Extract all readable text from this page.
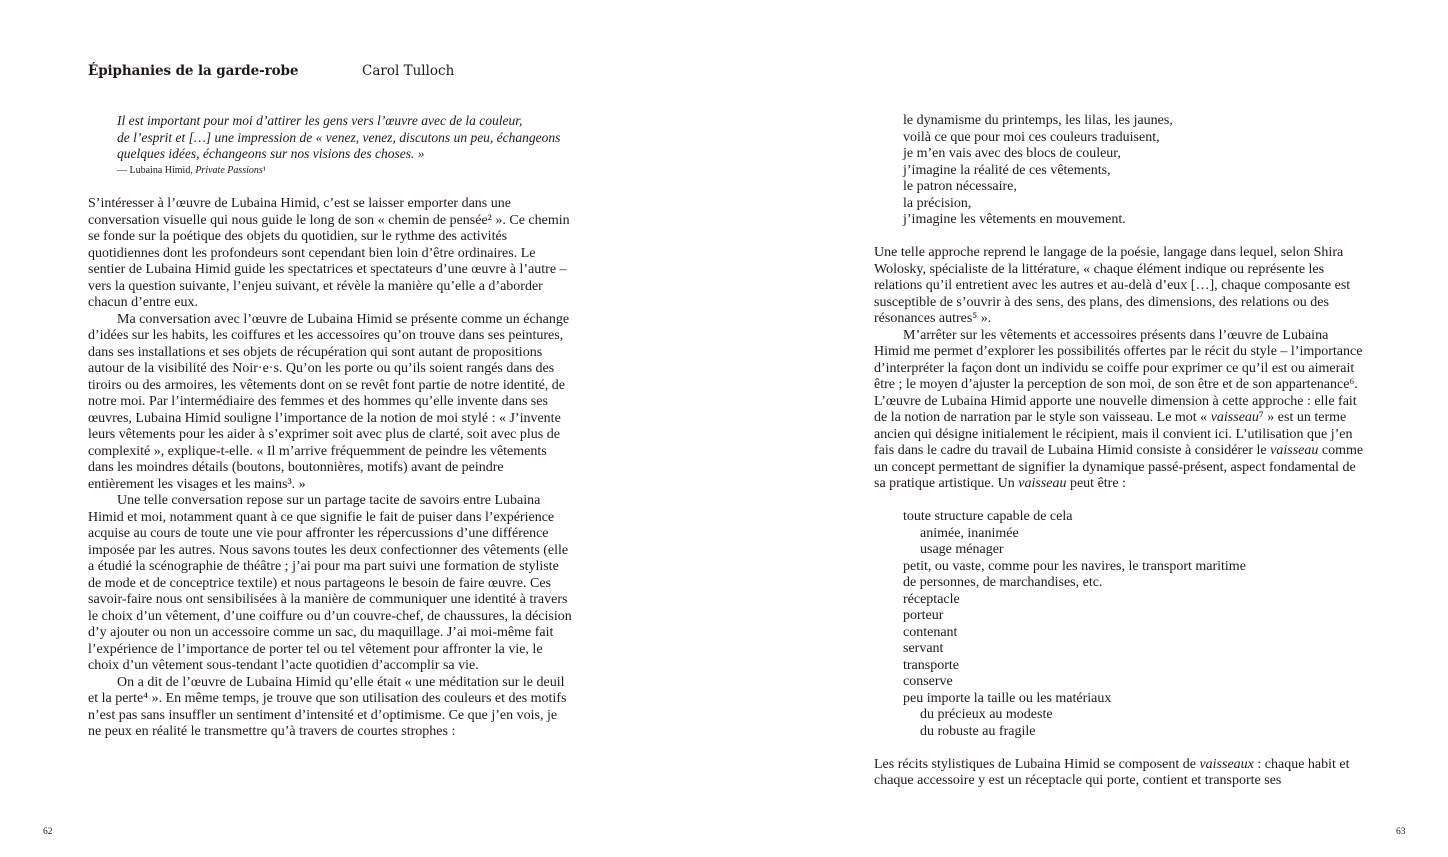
Épiphanies de la garde-robe	Carol Tulloch

Il est important pour moi d’attirer les gens vers l’œuvre avec de la couleur,

de l’esprit et […] une impression de « venez, venez, discutons un peu, échangeons

quelques idées, échangeons sur nos visions des choses. »

— Lubaina Himid, Private Passions¹

S’intéresser à l’œuvre de Lubaina Himid, c’est se laisser emporter dans une conversation visuelle qui nous guide le long de son « chemin de pensée² ». Ce chemin se fonde sur la poétique des objets du quotidien, sur le rythme des activités quotidiennes dont les profondeurs sont cependant bien loin d’être ordinaires. Le sentier de Lubaina Himid guide les spectatrices et spectateurs d’une œuvre à l’autre – vers la question suivante, l’enjeu suivant, et révèle la manière qu’elle a d’aborder chacun d’entre eux.

Ma conversation avec l’œuvre de Lubaina Himid se présente comme un échange d’idées sur les habits, les coiffures et les accessoires qu’on trouve dans ses peintures, dans ses installations et ses objets de récupération qui sont autant de propositions autour de la visibilité des Noir·e·s. Qu’on les porte ou qu’ils soient rangés dans des tiroirs ou des armoires, les vêtements dont on se revêt font partie de notre identité, de notre moi. Par l’intermédiaire des femmes et des hommes qu’elle invente dans ses œuvres, Lubaina Himid souligne l’importance de la notion de moi stylé : « J’invente leurs vêtements pour les aider à s’exprimer soit avec plus de clarté, soit avec plus de complexité », explique-t-elle. « Il m’arrive fréquemment de peindre les vêtements dans les moindres détails (boutons, boutonnières, motifs) avant de peindre entièrement les visages et les mains³. »

Une telle conversation repose sur un partage tacite de savoirs entre Lubaina Himid et moi, notamment quant à ce que signifie le fait de puiser dans l’expérience acquise au cours de toute une vie pour affronter les répercussions d’une différence imposée par les autres. Nous savons toutes les deux confectionner des vêtements (elle a étudié la scénographie de théâtre ; j’ai pour ma part suivi une formation de styliste de mode et de conceptrice textile) et nous partageons le besoin de faire œuvre. Ces savoir-faire nous ont sensibilisées à la manière de communiquer une identité à travers le choix d’un vêtement, d’une coiffure ou d’un couvre-chef, de chaussures, la décision d’y ajouter ou non un accessoire comme un sac, du maquillage. J’ai moi-même fait l’expérience de l’importance de porter tel ou tel vêtement pour affronter la vie, le choix d’un vêtement sous-tendant l’acte quotidien d’accomplir sa vie.

On a dit de l’œuvre de Lubaina Himid qu’elle était « une méditation sur le deuil et la perte⁴ ». En même temps, je trouve que son utilisation des couleurs et des motifs n’est pas sans insuffler un sentiment d’intensité et d’optimisme. Ce que j’en vois, je ne peux en réalité le transmettre qu’à travers de courtes strophes :

le dynamisme du printemps, les lilas, les jaunes,

voilà ce que pour moi ces couleurs traduisent,

je m’en vais avec des blocs de couleur,

j’imagine la réalité de ces vêtements,

le patron nécessaire,

la précision,

j’imagine les vêtements en mouvement.

Une telle approche reprend le langage de la poésie, langage dans lequel, selon Shira Wolosky, spécialiste de la littérature, « chaque élément indique ou représente les relations qu’il entretient avec les autres et au-delà d’eux […], chaque composante est susceptible de s’ouvrir à des sens, des plans, des dimensions, des relations ou des résonances autres⁵ ».

M’arrêter sur les vêtements et accessoires présents dans l’œuvre de Lubaina Himid me permet d’explorer les possibilités offertes par le récit du style – l’importance d’interpréter la façon dont un individu se coiffe pour exprimer ce qu’il est ou aimerait être ; le moyen d’ajuster la perception de son moi, de son être et de son appartenance⁶. L’œuvre de Lubaina Himid apporte une nouvelle dimension à cette approche : elle fait de la notion de narration par le style son vaisseau. Le mot « vaisseau⁷ » est un terme ancien qui désigne initialement le récipient, mais il convient ici. L’utilisation que j’en fais dans le cadre du travail de Lubaina Himid consiste à considérer le vaisseau comme un concept permettant de signifier la dynamique passé-présent, aspect fondamental de sa pratique artistique. Un vaisseau peut être :

toute structure capable de cela

animée, inanimée

usage ménager

petit, ou vaste, comme pour les navires, le transport maritime

de personnes, de marchandises, etc.

réceptacle

porteur

contenant

servant

transporte

conserve

peu importe la taille ou les matériaux

du précieux au modeste

du robuste au fragile

Les récits stylistiques de Lubaina Himid se composent de vaisseaux : chaque habit et chaque accessoire y est un réceptacle qui porte, contient et transporte ses

62	63
